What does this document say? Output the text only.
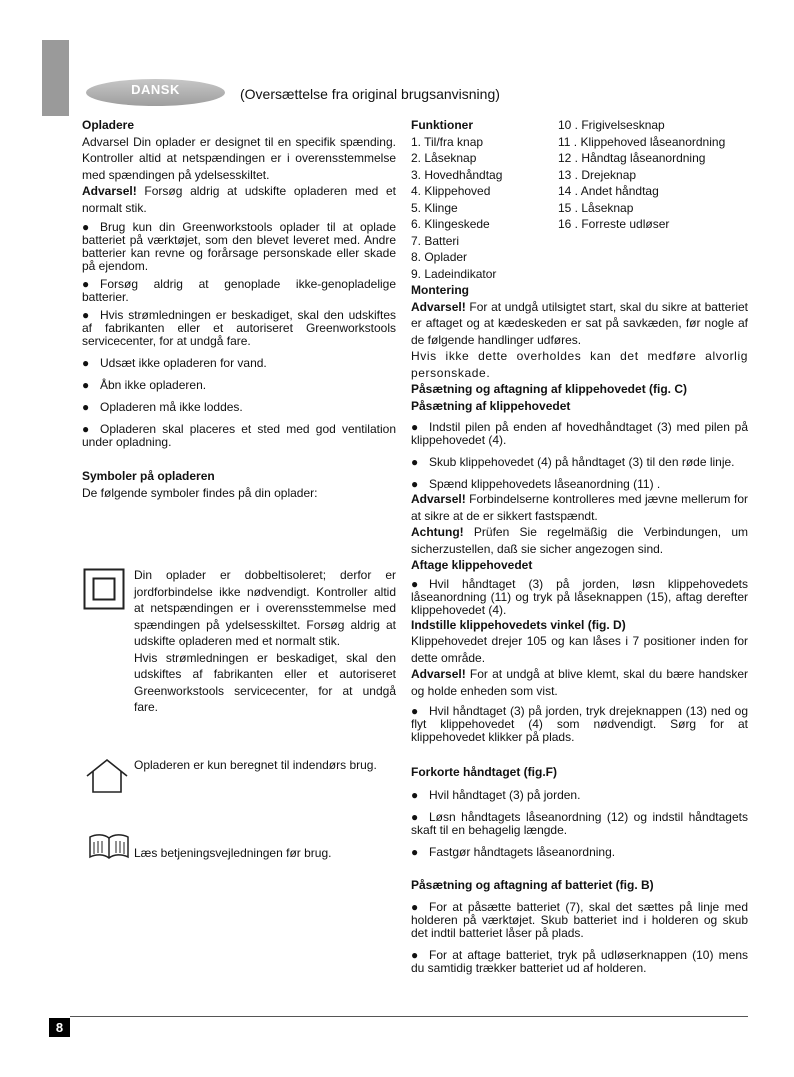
DANSK	(Oversættelse fra original brugsanvisning)

Opladere

Advarsel Din oplader er designet til en specifik spænding. Kontroller altid at netspændingen er i overensstemmelse med spændingen på ydelsesskiltet.

Advarsel! Forsøg aldrig at udskifte opladeren med et normalt stik.

● Brug kun din Greenworkstools oplader til at oplade batteriet på værktøjet, som den blevet leveret med. Andre batterier kan revne og forårsage personskade eller skade på ejendom.

● Forsøg aldrig at genoplade ikke-genopladelige batterier.

● Hvis strømledningen er beskadiget, skal den udskiftes af fabrikanten eller et autoriseret Greenworkstools servicecenter, for at undgå fare.

● Udsæt ikke opladeren for vand.

● Åbn ikke opladeren.

● Opladeren må ikke loddes.

● Opladeren skal placeres et sted med god ventilation under opladning.

Symboler på opladeren

De følgende symboler findes på din oplader:

Din oplader er dobbeltisoleret; derfor er jordforbindelse ikke nødvendigt. Kontroller altid at netspændingen er i overensstemmelse med spændingen på ydelsesskiltet. Forsøg aldrig at udskifte opladeren med et normalt stik.

Hvis strømledningen er beskadiget, skal den udskiftes af fabrikanten eller et autoriseret Greenworkstools servicecenter, for at undgå fare.

Opladeren er kun beregnet til indendørs brug.
Læs betjeningsvejledningen før brug.

Funktioner

1. Til/fra knap

2. Låseknap

3. Hovedhåndtag

4. Klippehoved

5. Klinge

6. Klingeskede

7. Batteri

8. Oplader

9. Ladeindikator

10 . Frigivelsesknap

11 . Klippehoved låseanordning

12 . Håndtag låseanordning

13 . Drejeknap

14 . Andet håndtag

15 . Låseknap

16 . Forreste udløser

Montering

Advarsel! For at undgå utilsigtet start, skal du sikre at batteriet er aftaget og at kædeskeden er sat på savkæden, før nogle af de følgende handlinger udføres.

Hvis ikke dette overholdes kan det medføre alvorlig personskade.

Påsætning og aftagning af klippehovedet (fig. C)

Påsætning af klippehovedet

● Indstil pilen på enden af hovedhåndtaget (3) med pilen på klippehovedet (4).

● Skub klippehovedet (4) på håndtaget (3) til den røde linje.

● Spænd klippehovedets låseanordning (11) .

Advarsel! Forbindelserne kontrolleres med jævne mellerum for at sikre at de er sikkert fastspændt.

Achtung! Prüfen Sie regelmäßig die Verbindungen, um sicherzustellen, daß sie sicher angezogen sind.

Aftage klippehovedet

● Hvil håndtaget (3) på jorden, løsn klippehovedets låseanordning (11) og tryk på låseknappen (15), aftag derefter klippehovedet (4).

Indstille klippehovedets vinkel (fig. D)

Klippehovedet drejer 105 og kan låses i 7 positioner inden for dette område.

Advarsel! For at undgå at blive klemt, skal du bære handsker og holde enheden som vist.

● Hvil håndtaget (3) på jorden, tryk drejeknappen (13) ned og flyt klippehovedet (4) som nødvendigt. Sørg for at klippehovedet klikker på plads.

Forkorte håndtaget (fig.F)

● Hvil håndtaget (3) på jorden.

● Løsn håndtagets låseanordning (12) og indstil håndtagets skaft til en behagelig længde.

● Fastgør håndtagets låseanordning.

Påsætning og aftagning af batteriet (fig. B)

● For at påsætte batteriet (7), skal det sættes på linje med holderen på værktøjet. Skub batteriet ind i holderen og skub det indtil batteriet låser på plads.

● For at aftage batteriet, tryk på udløserknappen (10) mens du samtidig trækker batteriet ud af holderen.

8
